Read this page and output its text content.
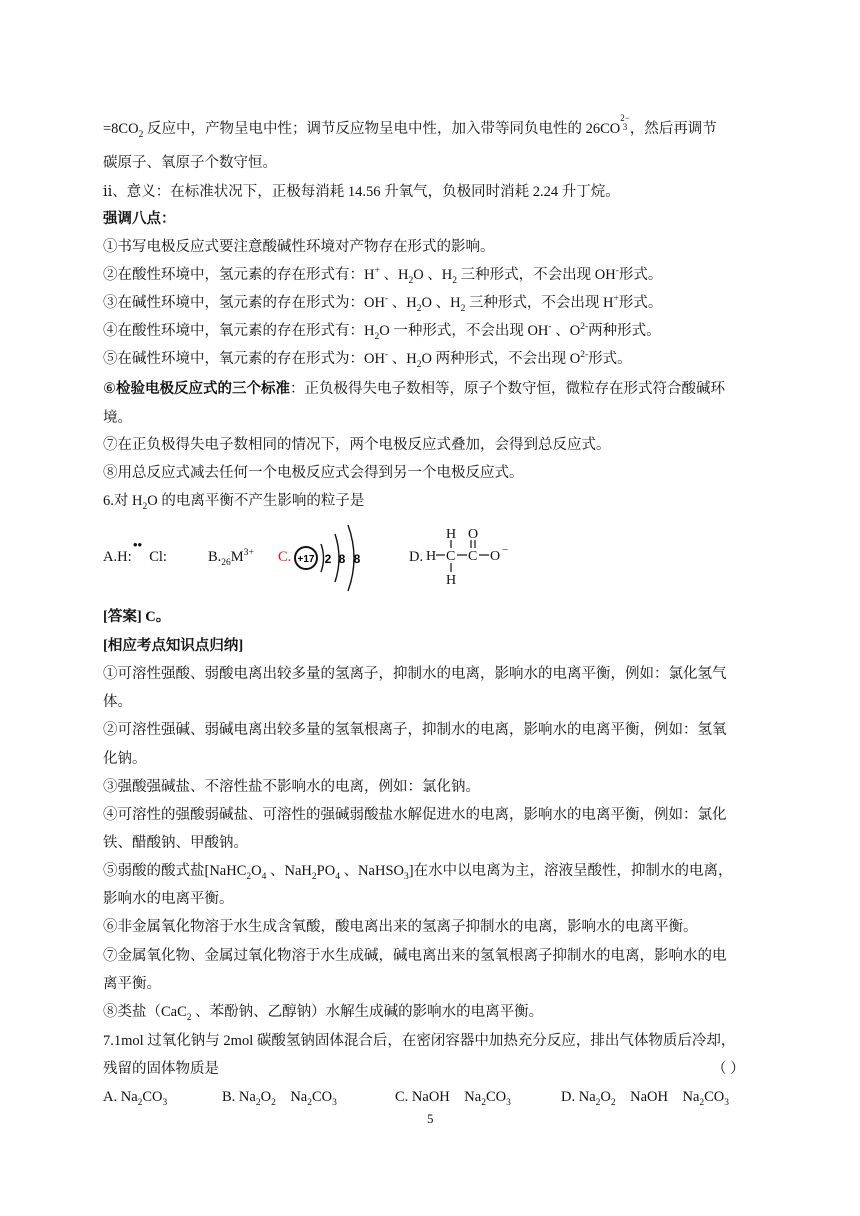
$=8CO_2$ 反应中，产物呈电中性；调节反应物呈电中性，加入带等同负电性的 26CO2−
3 ，然后再调节
碳原子、氧原子个数守恒。
ⅱ、意义：在标准状况下，正极每消耗 14.56 升氧气，负极同时消耗 2.24 升丁烷。
强调八点：
①书写电极反应式要注意酸碱性环境对产物存在形式的影响。
②在酸性环境中，氢元素的存在形式有：H+ 、$H_2O$ 、$H_2$ 三种形式，不会出现 OH-形式。
③在碱性环境中，氢元素的存在形式为：OH- 、$H_2O$ 、$H_2$ 三种形式，不会出现 H+形式。
④在酸性环境中，氧元素的存在形式有：$H_2O$ 一种形式，不会出现 OH- 、$O^{2-}$两种形式。
⑤在碱性环境中，氧元素的存在形式为：OH- 、$H_2O$ 两种形式，不会出现 $O^{2-}$形式。
⑥检验电极反应式的三个标准：正负极得失电子数相等，原子个数守恒，微粒存在形式符合酸碱环
境。
⑦在正负极得失电子数相同的情况下，两个电极反应式叠加，会得到总反应式。
⑧用总反应式减去任何一个电极反应式会得到另一个电极反应式。
6.对 $H_2O$ 的电离平衡不产生影响的粒子是
A.H:
••
Cl:	$B._{26}M^{3+}$ C. +17 2 8 8	D.
H O
H C C O −
H
[答案] C。
[相应考点知识点归纳]
①可溶性强酸、弱酸电离出较多量的氢离子，抑制水的电离，影响水的电离平衡，例如：氯化氢气
体。
②可溶性强碱、弱碱电离出较多量的氢氧根离子，抑制水的电离，影响水的电离平衡，例如：氢氧
化钠。
③强酸强碱盐、不溶性盐不影响水的电离，例如：氯化钠。
④可溶性的强酸弱碱盐、可溶性的强碱弱酸盐水解促进水的电离，影响水的电离平衡，例如：氯化
铁、醋酸钠、甲酸钠。
⑤弱酸的酸式盐[$NaHC_2O_4$ 、$NaH_2PO_4$ 、NaHSO$_3$]在水中以电离为主，溶液呈酸性，抑制水的电离，
影响水的电离平衡。
⑥非金属氧化物溶于水生成含氧酸，酸电离出来的氢离子抑制水的电离，影响水的电离平衡。
⑦金属氧化物、金属过氧化物溶于水生成碱，碱电离出来的氢氧根离子抑制水的电离，影响水的电
离平衡。
⑧类盐（CaC$_2$ 、苯酚钠、乙醇钠）水解生成碱的影响水的电离平衡。
7.1mol 过氧化钠与 2mol 碳酸氢钠固体混合后，在密闭容器中加热充分反应，排出气体物质后冷却，
残留的固体物质是	（ ）
A. $Na_2CO_3$	B. $Na_2O_2$    $Na_2CO_3$	C. NaOH    $Na_2CO_3$	D. $Na_2O_2$    NaOH    $Na_2CO_3$
5
